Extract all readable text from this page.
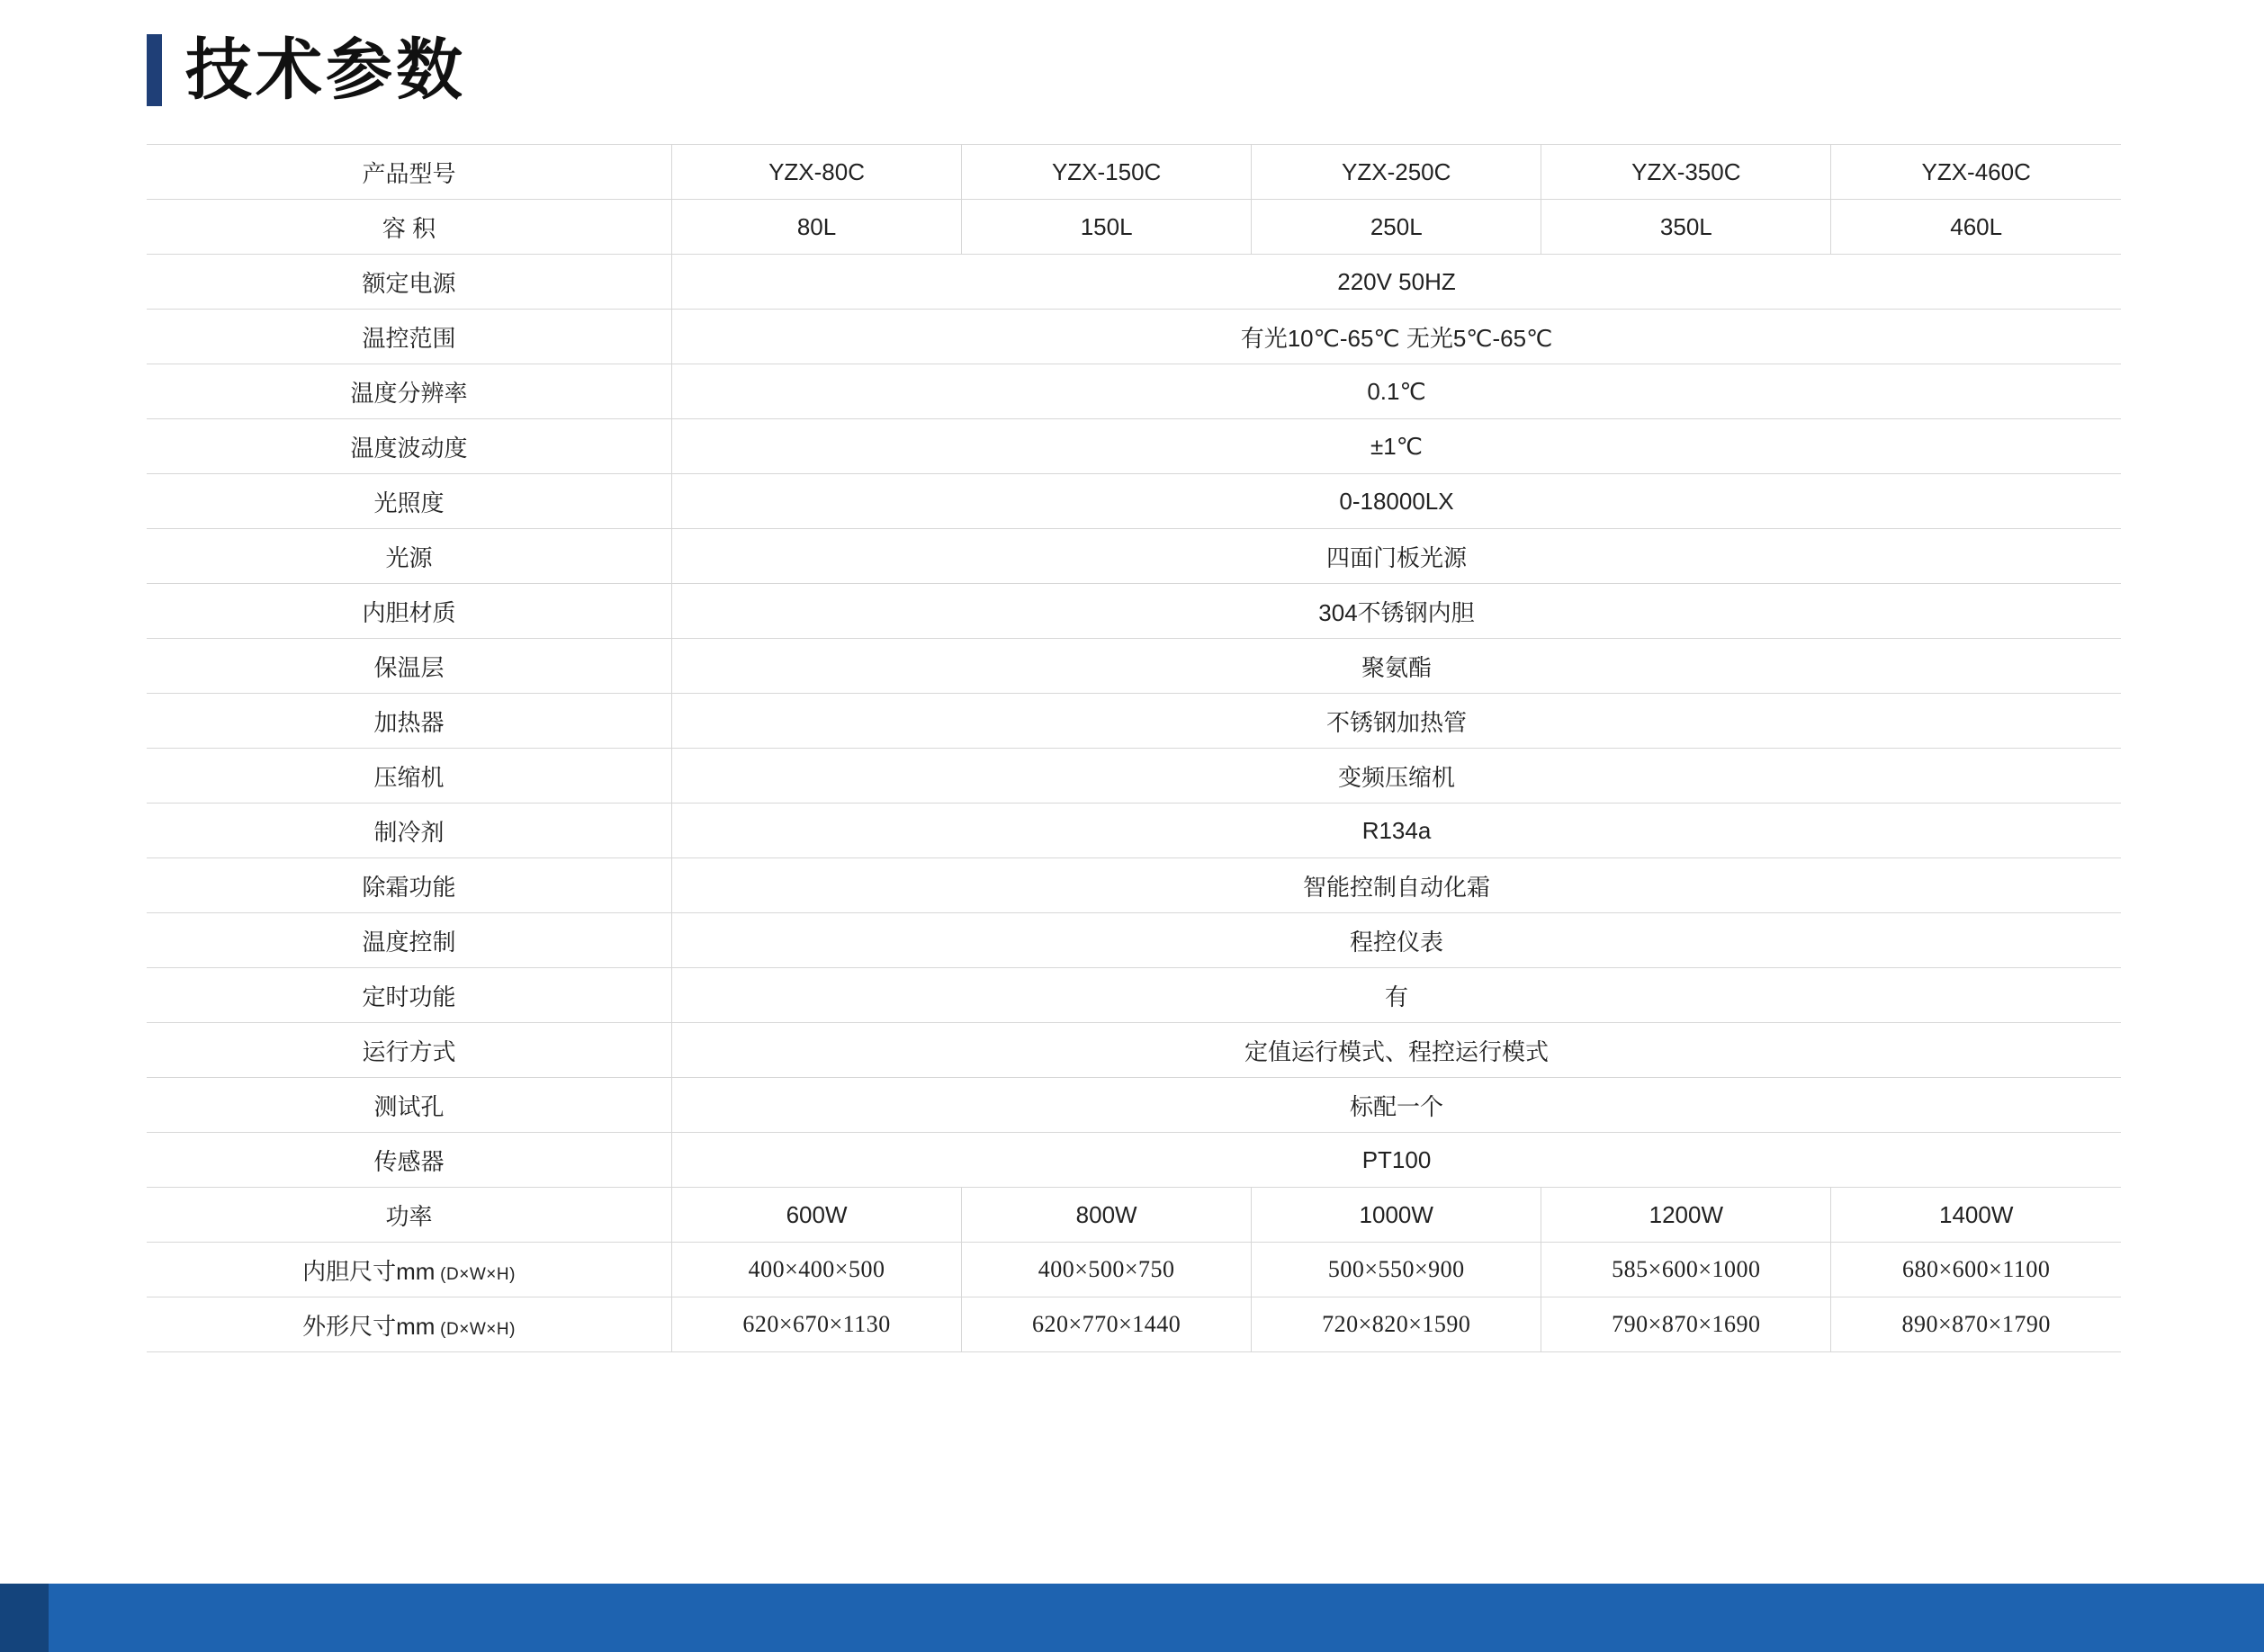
技术参数
产品型号	YZX-80C	YZX-150C	YZX-250C	YZX-350C	YZX-460C
容 积	80L	150L	250L	350L	460L
额定电源	220V 50HZ				
温控范围	有光10℃-65℃ 无光5℃-65℃				
温度分辨率	0.1℃				
温度波动度	±1℃				
光照度	0-18000LX				
光源	四面门板光源				
内胆材质	304不锈钢内胆				
保温层	聚氨酯				
加热器	不锈钢加热管				
压缩机	变频压缩机				
制冷剂	R134a				
除霜功能	智能控制自动化霜				
温度控制	程控仪表				
定时功能	有				
运行方式	定值运行模式、程控运行模式				
测试孔	标配一个				
传感器	PT100				
功率	600W	800W	1000W	1200W	1400W
内胆尺寸mm (D×W×H)	400×400×500	400×500×750	500×550×900	585×600×1000	680×600×1100
外形尺寸mm (D×W×H)	620×670×1130	620×770×1440	720×820×1590	790×870×1690	890×870×1790
